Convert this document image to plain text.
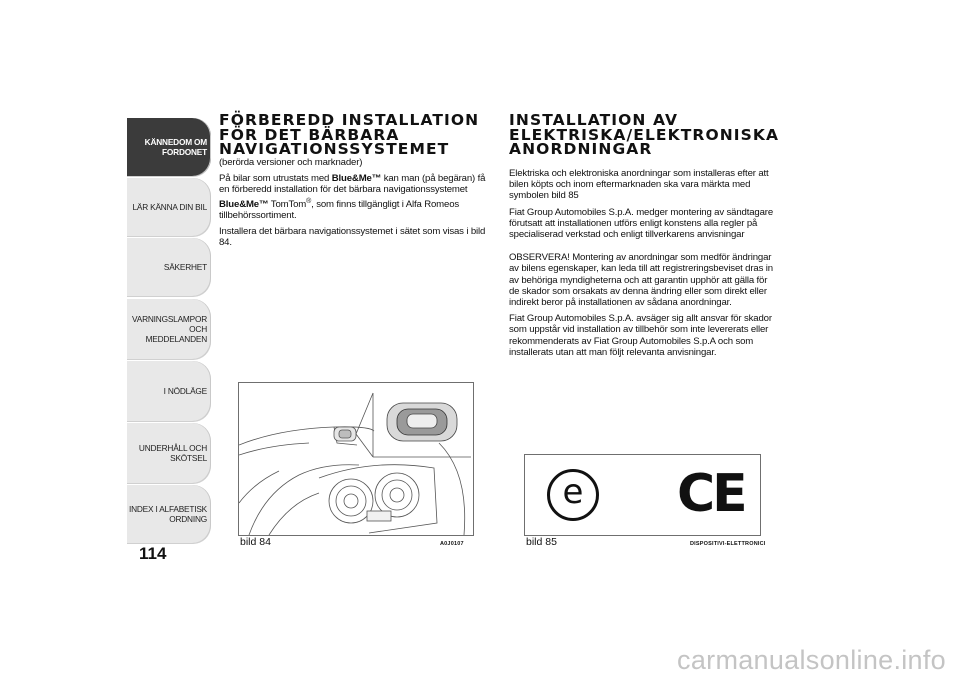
KÄNNEDOM OM
FORDONET
LÄR KÄNNA DIN BIL
SÄKERHET
VARNINGSLAMPOR
OCH MEDDELANDEN
I NÖDLÄGE
UNDERHÅLL OCH
SKÖTSEL
INDEX I ALFABETISK
ORDNING
114
FÖRBEREDD INSTALLATION FÖR DET BÄRBARA NAVIGATIONSSYSTEMET

(berörda versioner och marknader)

På bilar som utrustats med Blue&Me™ kan man (på begäran) få en förberedd installation för det bärbara navigationssystemet Blue&Me™ TomTom®, som finns tillgängligt i Alfa Romeos tillbehörssortiment.

Installera det bärbara navigationssystemet i sätet som visas i bild 84.

INSTALLATION AV ELEKTRISKA/ELEKTRONISKA ANORDNINGAR

Elektriska och elektroniska anordningar som installeras efter att bilen köpts och inom eftermarknaden ska vara märkta med symbolen bild 85

Fiat Group Automobiles S.p.A. medger montering av sändtagare förutsatt att installationen utförs enligt konstens alla regler på specialiserad verkstad och enligt tillverkarens anvisningar

OBSERVERA! Montering av anordningar som medför ändringar av bilens egenskaper, kan leda till att registreringsbeviset dras in av behöriga myndigheterna och att garantin upphör att gälla för de skador som orsakats av denna ändring eller som direkt eller indirekt beror på installationen av sådana anordningar.

Fiat Group Automobiles S.p.A. avsäger sig allt ansvar för skador som uppstår vid installation av tillbehör som inte levererats eller rekommenderats av Fiat Group Automobiles S.p.A och som installerats utan att man följt relevanta anvisningar.

bild 84	A0J0107
e CE
bild 85	DISPOSITIVI-ELETTRONICI
carmanualsonline.info
